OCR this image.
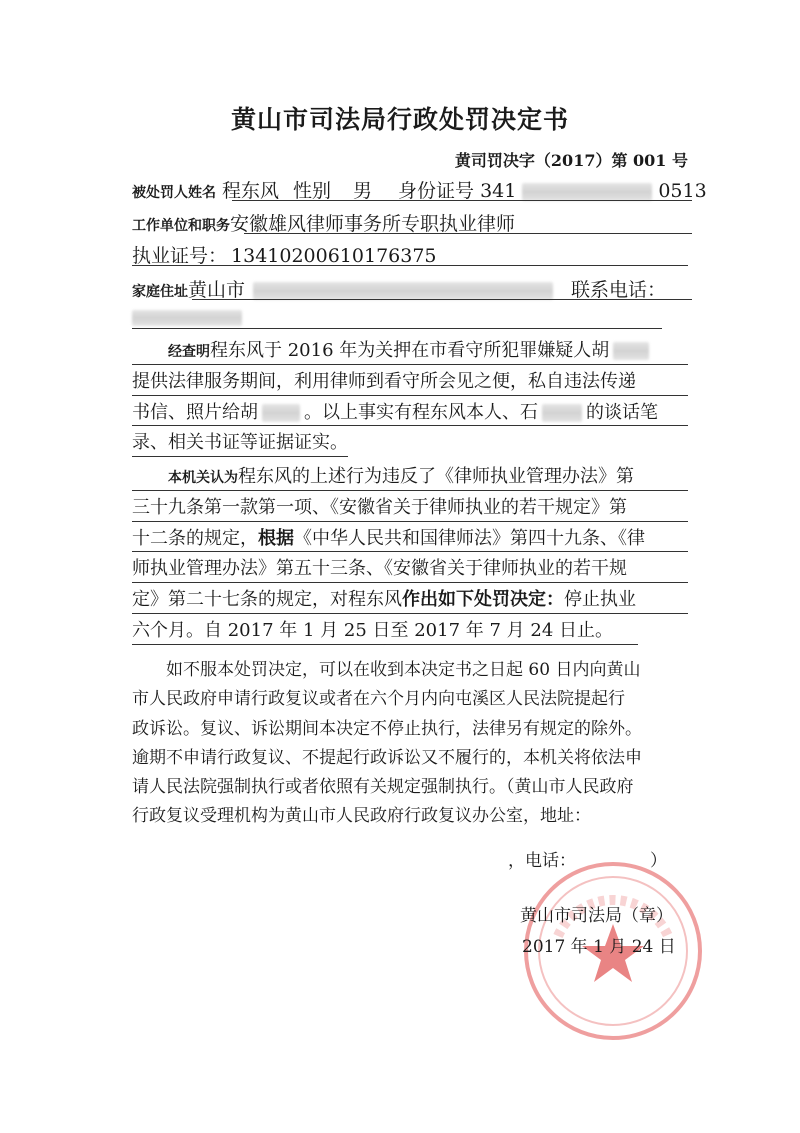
黄山市司法局行政处罚决定书
黄司罚决字（2017）第 001 号
被处罚人姓名 程东风 性别 男 身份证号 341	0513
工作单位和职务安徽雄风律师事务所专职执业律师
执业证号： 13410200610176375
家庭住址黄山市	联系电话：
经查明程东风于 2016 年为关押在市看守所犯罪嫌疑人胡
提供法律服务期间，利用律师到看守所会见之便，私自违法传递
书信、照片给胡	。以上事实有程东风本人、石	的谈话笔
录、相关书证等证据证实。
本机关认为程东风的上述行为违反了《律师执业管理办法》第
三十九条第一款第一项、《安徽省关于律师执业的若干规定》第
十二条的规定，根据《中华人民共和国律师法》第四十九条、《律
师执业管理办法》第五十三条、《安徽省关于律师执业的若干规
定》第二十七条的规定，对程东风作出如下处罚决定：停止执业
六个月。自 2017 年 1 月 25 日至 2017 年 7 月 24 日止。
如不服本处罚决定，可以在收到本决定书之日起 60 日内向黄山
市人民政府申请行政复议或者在六个月内向屯溪区人民法院提起行
政诉讼。复议、诉讼期间本决定不停止执行，法律另有规定的除外。
逾期不申请行政复议、不提起行政诉讼又不履行的，本机关将依法申
请人民法院强制执行或者依照有关规定强制执行。（黄山市人民政府
行政复议受理机构为黄山市人民政府行政复议办公室，地址：
，电话：	）
黄山市司法局（章）
2017 年 1 月 24 日
